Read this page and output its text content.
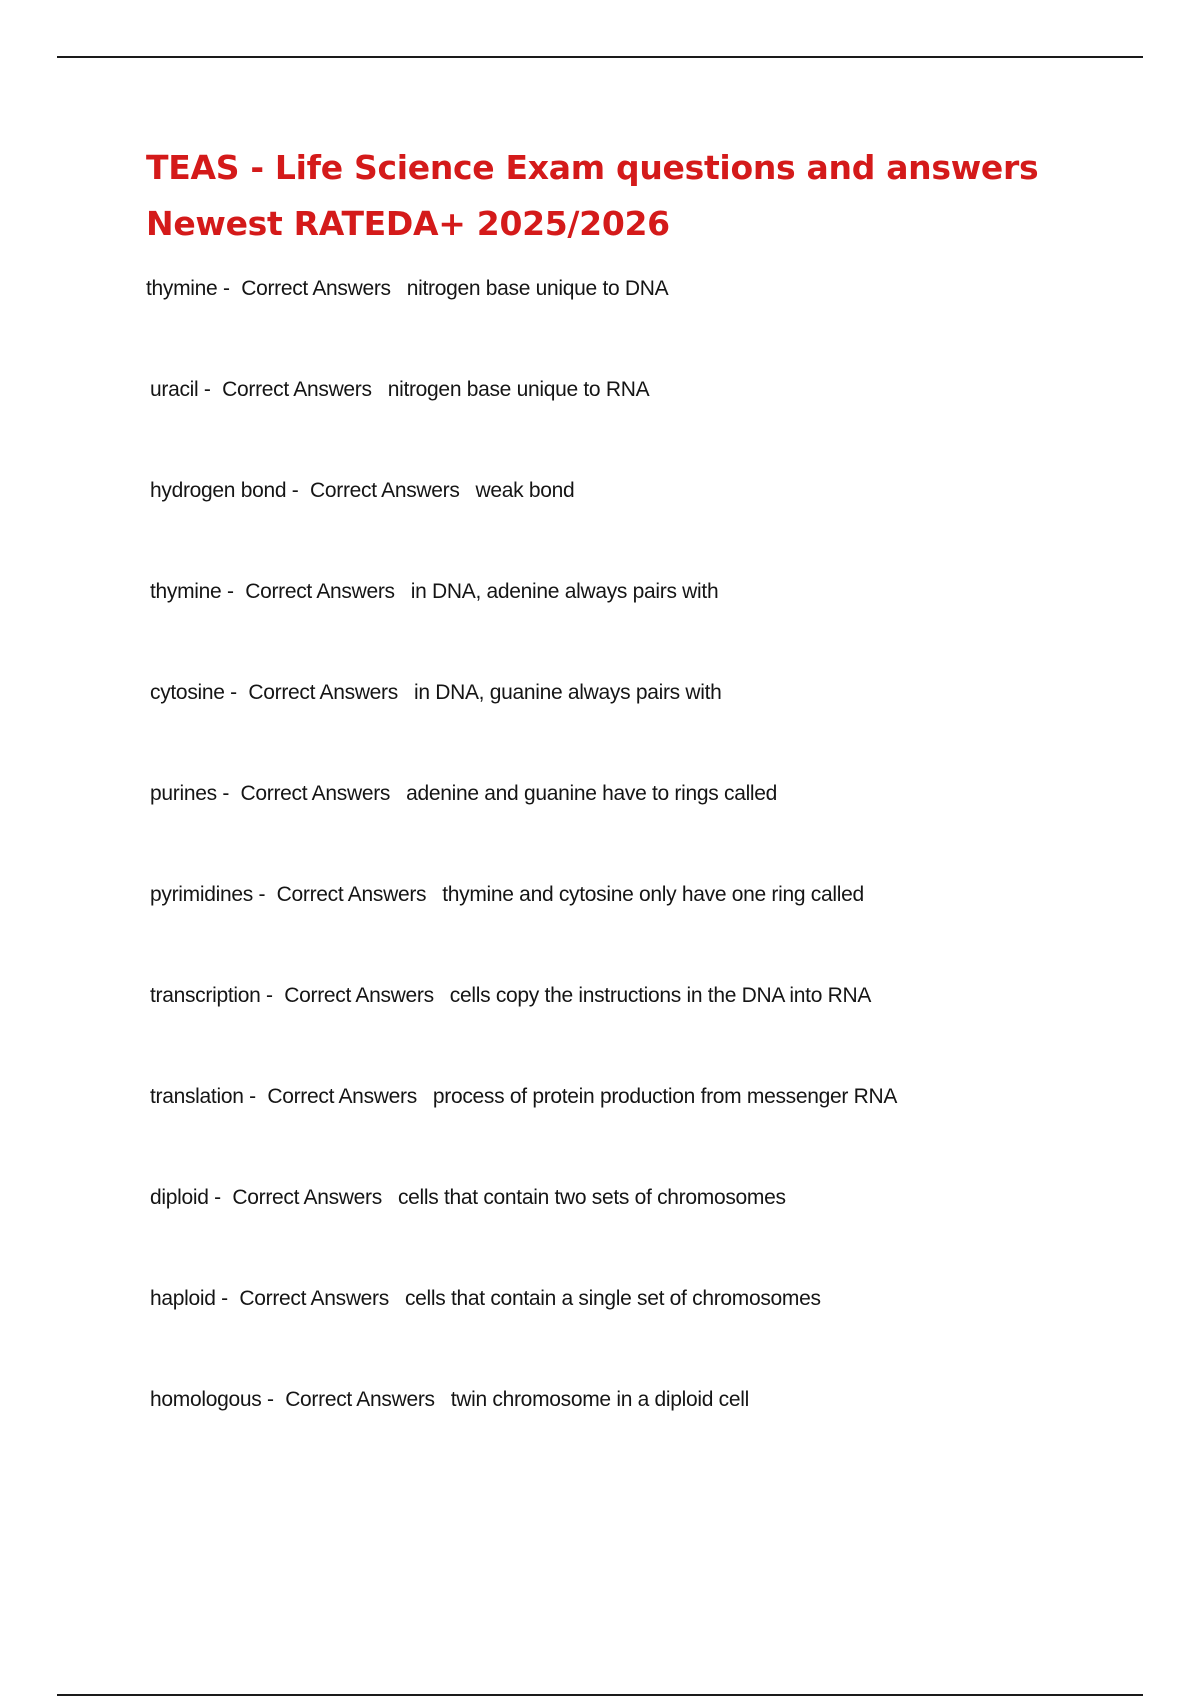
TEAS - Life Science Exam questions and answers Newest RATEDA+ 2025/2026
thymine - Correct Answers nitrogen base unique to DNA
uracil - Correct Answers nitrogen base unique to RNA
hydrogen bond - Correct Answers weak bond
thymine - Correct Answers in DNA, adenine always pairs with
cytosine - Correct Answers in DNA, guanine always pairs with
purines - Correct Answers adenine and guanine have to rings called
pyrimidines - Correct Answers thymine and cytosine only have one ring called
transcription - Correct Answers cells copy the instructions in the DNA into RNA
translation - Correct Answers process of protein production from messenger RNA
diploid - Correct Answers cells that contain two sets of chromosomes
haploid - Correct Answers cells that contain a single set of chromosomes
homologous - Correct Answers twin chromosome in a diploid cell
